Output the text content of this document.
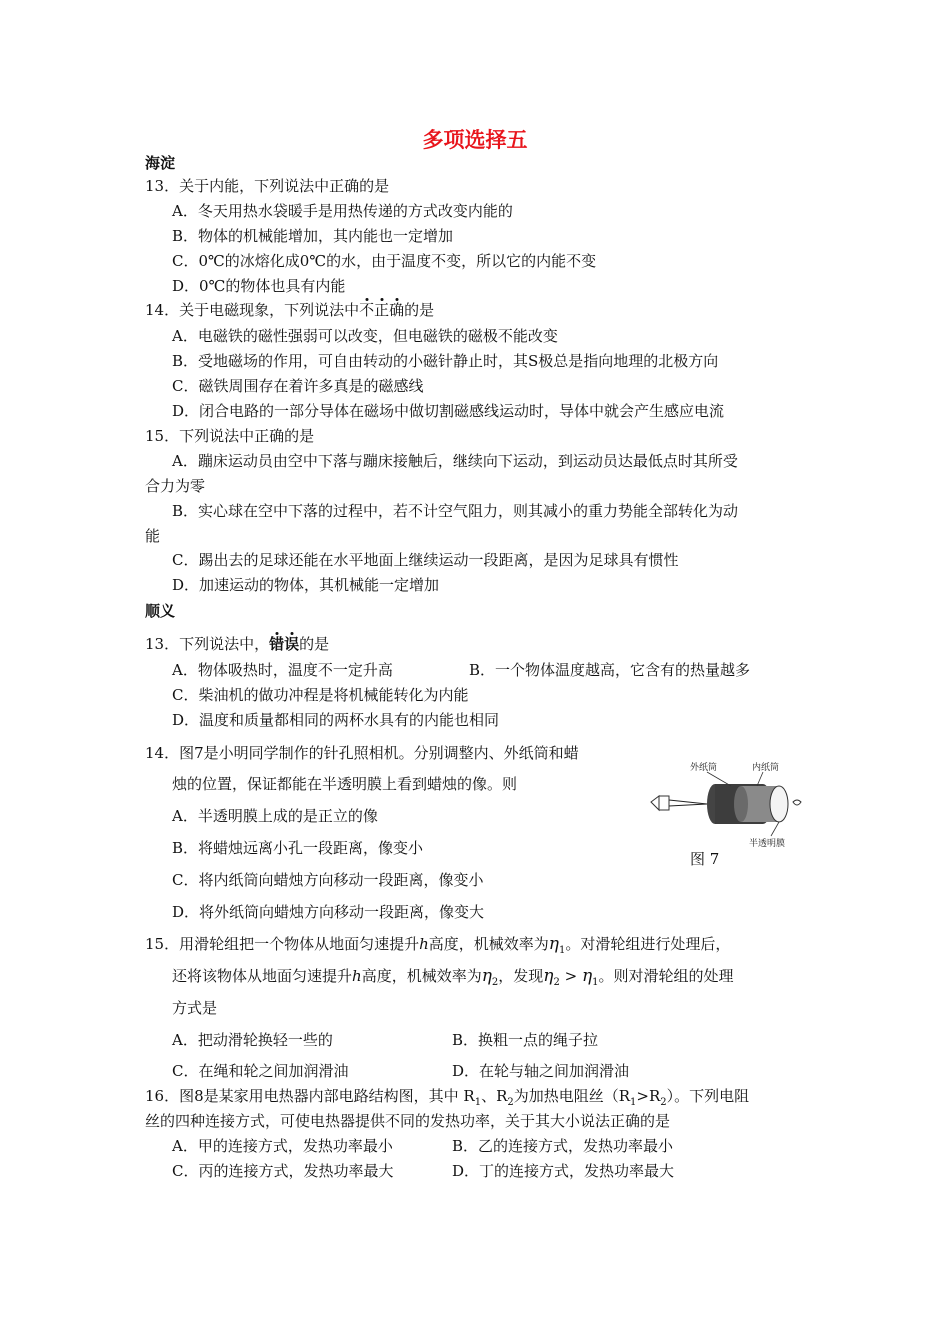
多项选择五
海淀
13．关于内能，下列说法中正确的是
A．冬天用热水袋暖手是用热传递的方式改变内能的
B．物体的机械能增加，其内能也一定增加
C．0℃的冰熔化成0℃的水，由于温度不变，所以它的内能不变
D．0℃的物体也具有内能
14．关于电磁现象，下列说法中不正确的是
A．电磁铁的磁性强弱可以改变，但电磁铁的磁极不能改变
B．受地磁场的作用，可自由转动的小磁针静止时，其S极总是指向地理的北极方向
C．磁铁周围存在着许多真是的磁感线
D．闭合电路的一部分导体在磁场中做切割磁感线运动时，导体中就会产生感应电流
15．下列说法中正确的是
A．蹦床运动员由空中下落与蹦床接触后，继续向下运动，到运动员达最低点时其所受
合力为零
B．实心球在空中下落的过程中，若不计空气阻力，则其减小的重力势能全部转化为动
能
C．踢出去的足球还能在水平地面上继续运动一段距离，是因为足球具有惯性
D．加速运动的物体，其机械能一定增加
顺义
13．下列说法中，错误的是
A．物体吸热时，温度不一定升高	B．一个物体温度越高，它含有的热量越多
C．柴油机的做功冲程是将机械能转化为内能
D．温度和质量都相同的两杯水具有的内能也相同
14．图7是小明同学制作的针孔照相机。分别调整内、外纸筒和蜡
烛的位置，保证都能在半透明膜上看到蜡烛的像。则
A．半透明膜上成的是正立的像
B．将蜡烛远离小孔一段距离，像变小
C．将内纸筒向蜡烛方向移动一段距离，像变小
D．将外纸筒向蜡烛方向移动一段距离，像变大
外纸筒	内纸筒
半透明膜
图 7
15．用滑轮组把一个物体从地面匀速提升h高度，机械效率为$\eta_1$。对滑轮组进行处理后，
还将该物体从地面匀速提升h高度，机械效率为$\eta_2$，发现$\eta_2 > \eta_1$。则对滑轮组的处理
方式是
A．把动滑轮换轻一些的	B．换粗一点的绳子拉
C．在绳和轮之间加润滑油	D．在轮与轴之间加润滑油
16．图8是某家用电热器内部电路结构图，其中 $R_1$、$R_2$为加热电阻丝$(R_1>R_2)$。下列电阻
丝的四种连接方式，可使电热器提供不同的发热功率，关于其大小说法正确的是
A．甲的连接方式，发热功率最小	B．乙的连接方式，发热功率最小
C．丙的连接方式，发热功率最大	D．丁的连接方式，发热功率最大
